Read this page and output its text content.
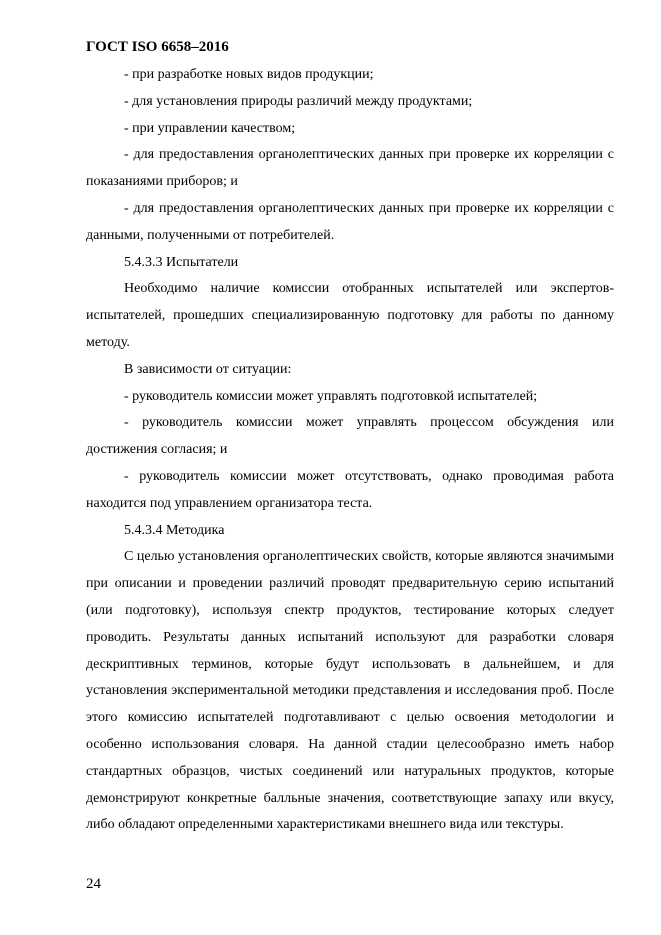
ГОСТ ISO 6658–2016

- при разработке новых видов продукции;

- для установления природы различий между продуктами;

- при управлении качеством;

- для предоставления органолептических данных при проверке их корреляции с показаниями приборов; и

- для предоставления органолептических данных при проверке их корреляции с данными, полученными от потребителей.

5.4.3.3 Испытатели

Необходимо наличие комиссии отобранных испытателей или экспертов-испытателей, прошедших специализированную подготовку для работы по данному методу.

В зависимости от ситуации:

- руководитель комиссии может управлять подготовкой испытателей;

- руководитель комиссии может управлять процессом обсуждения или достижения согласия; и

- руководитель комиссии может отсутствовать, однако проводимая работа находится под управлением организатора теста.

5.4.3.4 Методика

С целью установления органолептических свойств, которые являются значимыми при описании и проведении различий проводят предварительную серию испытаний (или подготовку), используя спектр продуктов, тестирование которых следует проводить. Результаты данных испытаний используют для разработки словаря дескриптивных терминов, которые будут использовать в дальнейшем, и для установления экспериментальной методики представления и исследования проб. После этого комиссию испытателей подготавливают с целью освоения методологии и особенно использования словаря. На данной стадии целесообразно иметь набор стандартных образцов, чистых соединений или натуральных продуктов, которые демонстрируют конкретные балльные значения, соответствующие запаху или вкусу, либо обладают определенными характеристиками внешнего вида или текстуры.

24
